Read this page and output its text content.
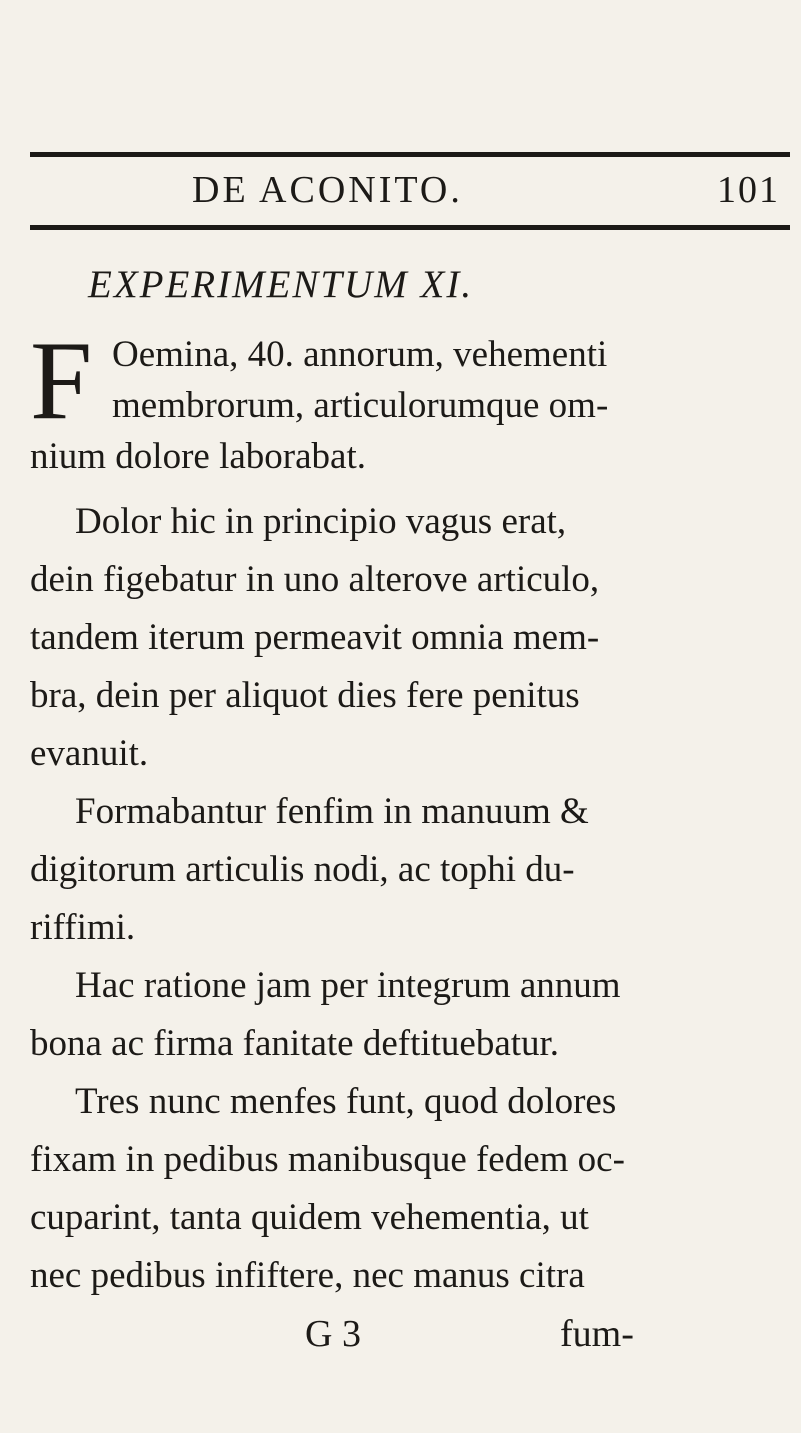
DE ACONITO.	101
EXPERIMENTUM XI.
F Oemina, 40. annorum, vehementi
membrorum, articulorumque om-
nium dolore laborabat.
Dolor hic in principio vagus erat,
dein figebatur in uno alterove articulo,
tandem iterum permeavit omnia mem-
bra, dein per aliquot dies fere penitus
evanuit.
Formabantur fenfim in manuum &
digitorum articulis nodi, ac tophi du-
riffimi.
Hac ratione jam per integrum annum
bona ac firma fanitate deftituebatur.
Tres nunc menfes funt, quod dolores
fixam in pedibus manibusque fedem oc-
cuparint, tanta quidem vehementia, ut
nec pedibus infiftere, nec manus citra
G 3	fum-
